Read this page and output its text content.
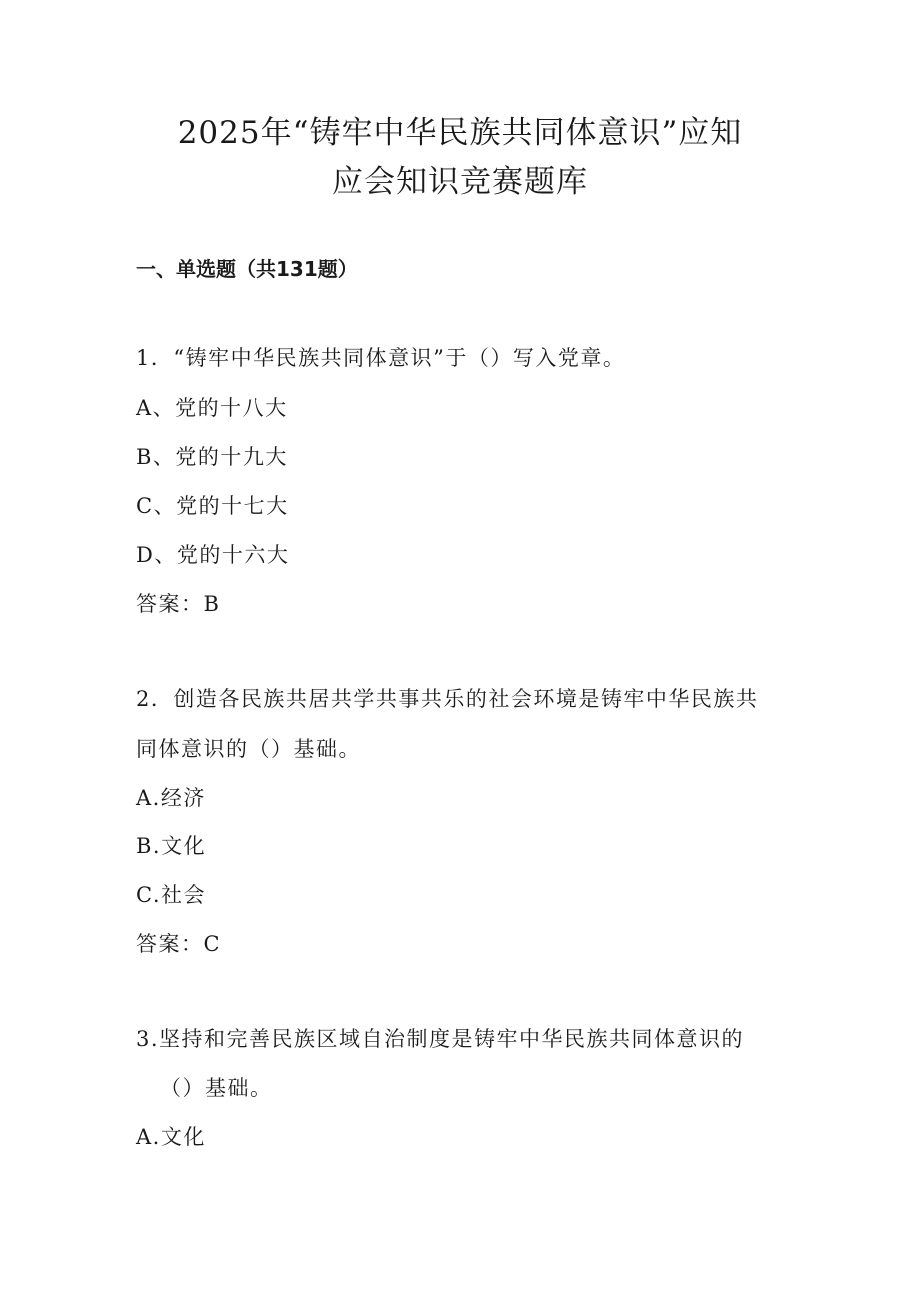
2025年“铸牢中华民族共同体意识”应知
应会知识竞赛题库
一、单选题（共131题）
1．“铸牢中华民族共同体意识”于（）写入党章。
A、党的十八大
B、党的十九大
C、党的十七大
D、党的十六大
答案：B
2．创造各民族共居共学共事共乐的社会环境是铸牢中华民族共
同体意识的（）基础。
A.经济
B.文化
C.社会
答案：C
3.坚持和完善民族区域自治制度是铸牢中华民族共同体意识的
（）基础。
A.文化
